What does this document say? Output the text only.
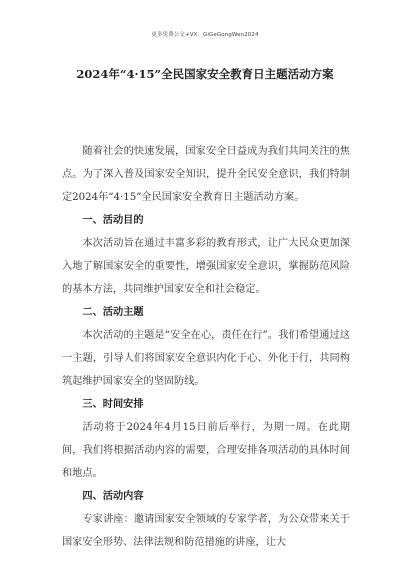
更多免费公文+VX：GiGeGongWen2024
2024年“4·15”全民国家安全教育日主题活动方案

随着社会的快速发展，国家安全日益成为我们共同关注的焦点。为了深入普及国家安全知识，提升全民安全意识，我们特制定2024年“4·15”全民国家安全教育日主题活动方案。

一、活动目的

本次活动旨在通过丰富多彩的教育形式，让广大民众更加深入地了解国家安全的重要性，增强国家安全意识，掌握防范风险的基本方法，共同维护国家安全和社会稳定。

二、活动主题

本次活动的主题是“安全在心，责任在行”。我们希望通过这一主题，引导人们将国家安全意识内化于心、外化于行，共同构筑起维护国家安全的坚固防线。

三、时间安排

活动将于2024年4月15日前后举行，为期一周。在此期间，我们将根据活动内容的需要，合理安排各项活动的具体时间和地点。

四、活动内容

专家讲座：邀请国家安全领域的专家学者，为公众带来关于国家安全形势、法律法规和防范措施的讲座，让大
